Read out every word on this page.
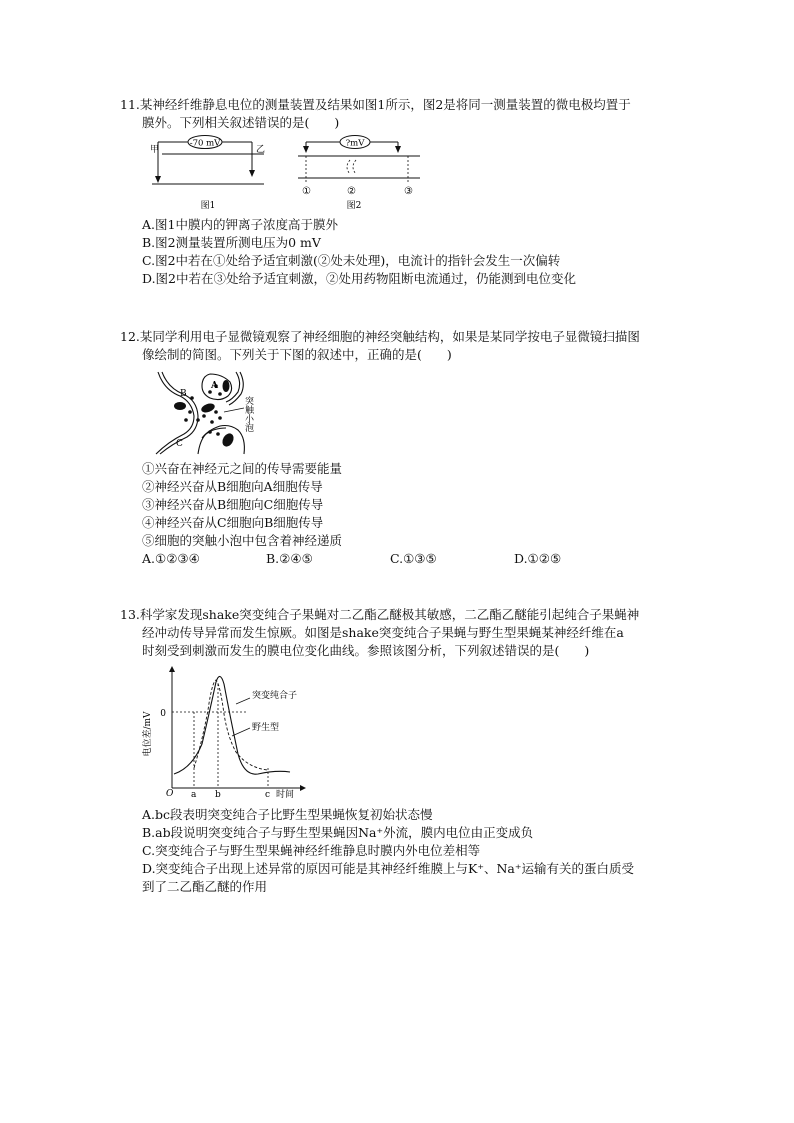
11.某神经纤维静息电位的测量装置及结果如图1所示，图2是将同一测量装置的微电极均置于
膜外。下列相关叙述错误的是(　　)
-70 mV
甲	乙
图1
?mV
①	②	③
图2
A.图1中膜内的钾离子浓度高于膜外
B.图2测量装置所测电压为0 mV
C.图2中若在①处给予适宜刺激(②处未处理)，电流计的指针会发生一次偏转
D.图2中若在③处给予适宜刺激，②处用药物阻断电流通过，仍能测到电位变化
12.某同学利用电子显微镜观察了神经细胞的神经突触结构，如果是某同学按电子显微镜扫描图
像绘制的简图。下列关于下图的叙述中，正确的是(　　)
A
B
C
突触小泡
①兴奋在神经元之间的传导需要能量
②神经兴奋从B细胞向A细胞传导
③神经兴奋从B细胞向C细胞传导
④神经兴奋从C细胞向B细胞传导
⑤细胞的突触小泡中包含着神经递质
A.①②③④	B.②④⑤	C.①③⑤	D.①②⑤
13.科学家发现shake突变纯合子果蝇对二乙酯乙醚极其敏感，二乙酯乙醚能引起纯合子果蝇神
经冲动传导异常而发生惊厥。如图是shake突变纯合子果蝇与野生型果蝇某神经纤维在a
时刻受到刺激而发生的膜电位变化曲线。参照该图分析，下列叙述错误的是(　　)
电位差/mV 0
O a b	c 时间
突变纯合子
野生型
A.bc段表明突变纯合子比野生型果蝇恢复初始状态慢
B.ab段说明突变纯合子与野生型果蝇因Na⁺外流，膜内电位由正变成负
C.突变纯合子与野生型果蝇神经纤维静息时膜内外电位差相等
D.突变纯合子出现上述异常的原因可能是其神经纤维膜上与K⁺、Na⁺运输有关的蛋白质受
到了二乙酯乙醚的作用
